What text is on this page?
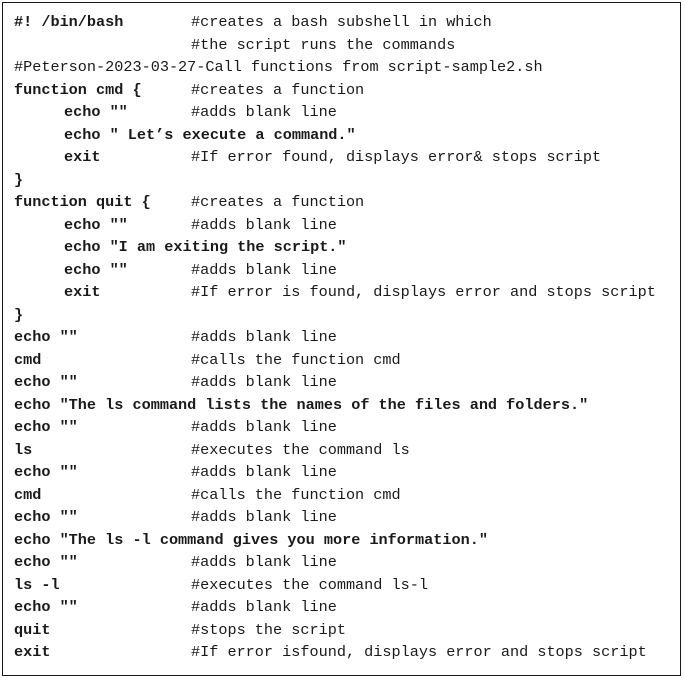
#! /bin/bash	#creates a bash subshell in which
#the script runs the commands
#Peterson-2023-03-27-Call functions from script-sample2.sh
function cmd {	#creates a function
echo ""	#adds blank line
echo " Let’s execute a command."
exit	#If error found, displays error& stops script
}
function quit {	#creates a function
echo ""	#adds blank line
echo "I am exiting the script."
echo ""	#adds blank line
exit	#If error is found, displays error and stops script
}
echo ""	#adds blank line
cmd	#calls the function cmd
echo ""	#adds blank line
echo "The ls command lists the names of the files and folders."
echo ""	#adds blank line
ls	#executes the command ls
echo ""	#adds blank line
cmd	#calls the function cmd
echo ""	#adds blank line
echo "The ls -l command gives you more information."
echo ""	#adds blank line
ls -l	#executes the command ls-l
echo ""	#adds blank line
quit	#stops the script
exit	#If error isfound, displays error and stops script
